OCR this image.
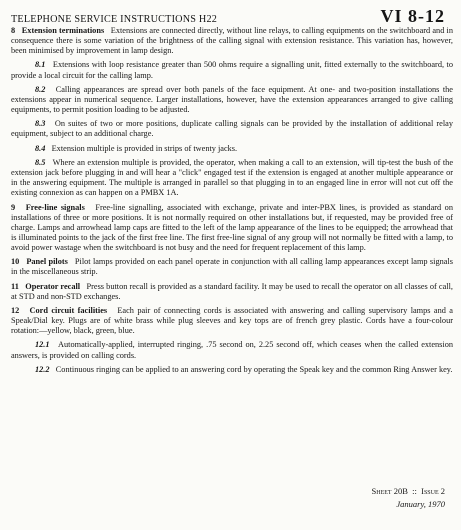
TELEPHONE SERVICE INSTRUCTIONS H22	VI 8-12

8 Extension terminations Extensions are connected directly, without line relays, to calling equipments on the switchboard and in consequence there is some variation of the brightness of the calling signal with extension resistance. This variation has, however, been minimised by improvement in lamp design.

8.1 Extensions with loop resistance greater than 500 ohms require a signalling unit, fitted externally to the switchboard, to provide a local circuit for the calling lamp.

8.2 Calling appearances are spread over both panels of the face equipment. At one- and two-position installations the extensions appear in numerical sequence. Larger installations, however, have the extension appearances arranged to give calling equipments, to permit position loading to be adjusted.

8.3 On suites of two or more positions, duplicate calling signals can be provided by the installation of additional relay equipment, subject to an additional charge.

8.4 Extension multiple is provided in strips of twenty jacks.

8.5 Where an extension multiple is provided, the operator, when making a call to an extension, will tip-test the bush of the extension jack before plugging in and will hear a "click" engaged test if the extension is engaged at another multiple appearance or in the answering equipment. The multiple is arranged in parallel so that plugging in to an engaged line in error will not cut off the existing connexion as can happen on a PMBX 1A.

9 Free-line signals Free-line signalling, associated with exchange, private and inter-PBX lines, is provided as standard on installations of three or more positions. It is not normally required on other installations but, if requested, may be provided free of charge. Lamps and arrowhead lamp caps are fitted to the left of the lamp appearance of the lines to be equipped; the arrowhead that is illuminated points to the jack of the first free line. The first free-line signal of any group will not normally be fitted with a lamp, to avoid power wastage when the switchboard is not busy and the need for frequent replacement of this lamp.

10 Panel pilots Pilot lamps provided on each panel operate in conjunction with all calling lamp appearances except lamp signals in the miscellaneous strip.

11 Operator recall Press button recall is provided as a standard facility. It may be used to recall the operator on all classes of call, at STD and non-STD exchanges.

12 Cord circuit facilities Each pair of connecting cords is associated with answering and calling supervisory lamps and a Speak/Dial key. Plugs are of white brass while plug sleeves and key tops are of french grey plastic. Cords have a four-colour rotation:—yellow, black, green, blue.

12.1 Automatically-applied, interrupted ringing, .75 second on, 2.25 second off, which ceases when the called extension answers, is provided on calling cords.

12.2 Continuous ringing can be applied to an answering cord by operating the Speak key and the common Ring Answer key.

Sheet 20B :: Issue 2
January, 1970
